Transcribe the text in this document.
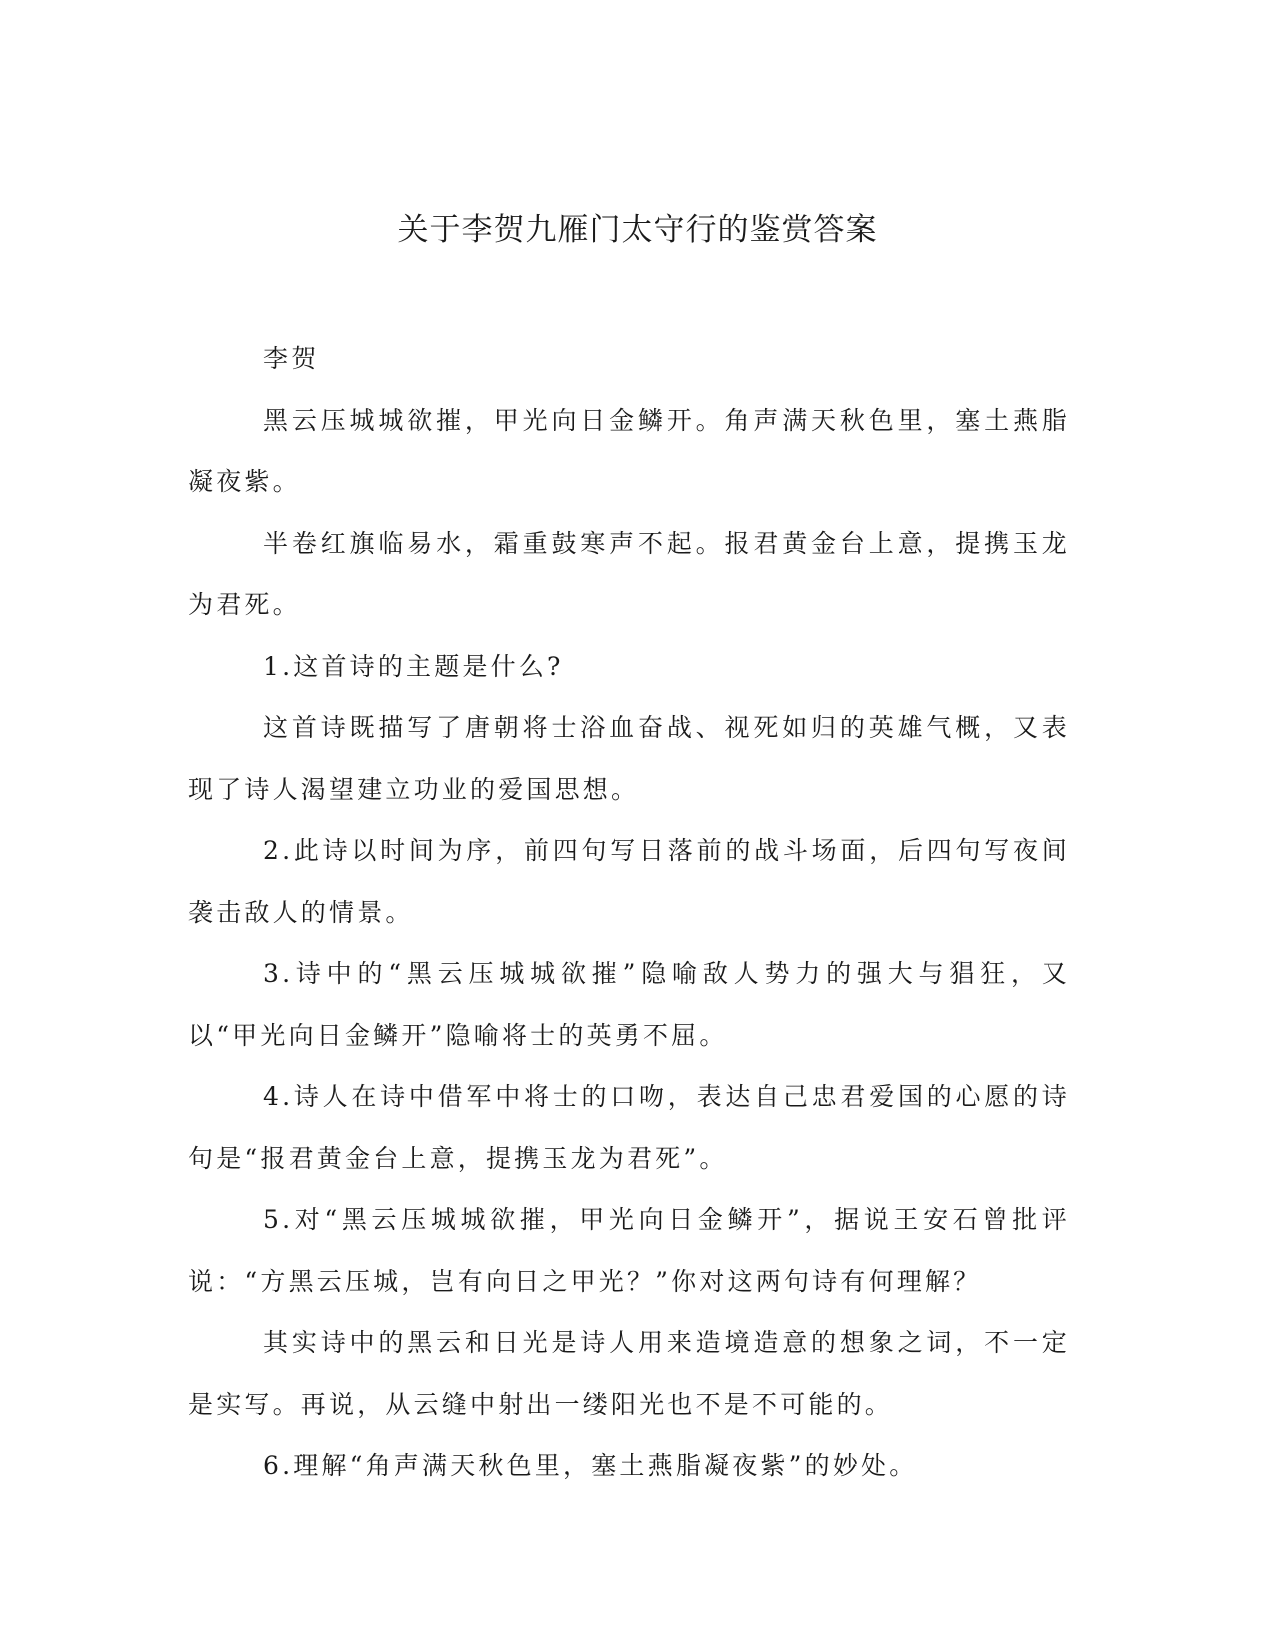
关于李贺九雁门太守行的鉴赏答案

李贺

黑云压城城欲摧，甲光向日金鳞开。角声满天秋色里，塞土燕脂凝夜紫。

半卷红旗临易水，霜重鼓寒声不起。报君黄金台上意，提携玉龙为君死。

1.这首诗的主题是什么?

这首诗既描写了唐朝将士浴血奋战、视死如归的英雄气概，又表现了诗人渴望建立功业的爱国思想。

2.此诗以时间为序，前四句写日落前的战斗场面，后四句写夜间袭击敌人的情景。

3.诗中的“黑云压城城欲摧”隐喻敌人势力的强大与猖狂，又以“甲光向日金鳞开”隐喻将士的英勇不屈。

4.诗人在诗中借军中将士的口吻，表达自己忠君爱国的心愿的诗句是“报君黄金台上意，提携玉龙为君死”。

5.对“黑云压城城欲摧，甲光向日金鳞开”，据说王安石曾批评说：“方黑云压城，岂有向日之甲光？”你对这两句诗有何理解？

其实诗中的黑云和日光是诗人用来造境造意的想象之词，不一定是实写。再说，从云缝中射出一缕阳光也不是不可能的。

6.理解“角声满天秋色里，塞土燕脂凝夜紫”的妙处。
